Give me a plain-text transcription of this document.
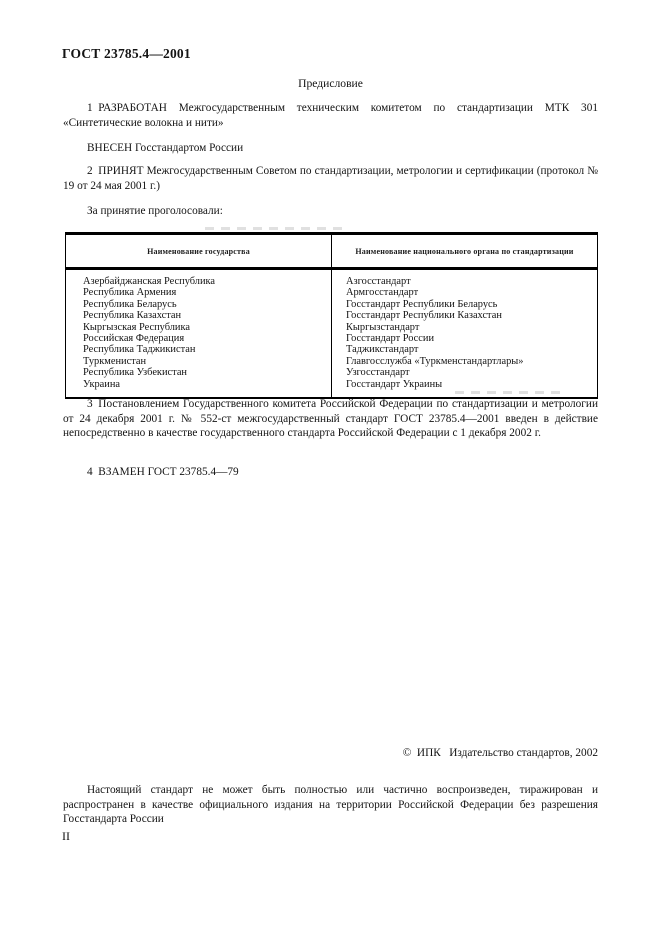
ГОСТ 23785.4—2001
Предисловие
1 РАЗРАБОТАН Межгосударственным техническим комитетом по стандартизации МТК 301 «Синтетические волокна и нити»
ВНЕСЕН Госстандартом России
2 ПРИНЯТ Межгосударственным Советом по стандартизации, метрологии и сертификации (протокол № 19 от 24 мая 2001 г.)
За принятие проголосовали:
Наименование государства	Наименование национального органа по стандартизации
Азербайджанская Республика	Азгосстандарт
Республика Армения	Армгосстандарт
Республика Беларусь	Госстандарт Республики Беларусь
Республика Казахстан	Госстандарт Республики Казахстан
Кыргызская Республика	Кыргызстандарт
Российская Федерация	Госстандарт России
Республика Таджикистан	Таджикстандарт
Туркменистан	Главгосслужба «Туркменстандартлары»
Республика Узбекистан	Узгосстандарт
Украина	Госстандарт Украины
3 Постановлением Государственного комитета Российской Федерации по стандартизации и метрологии от 24 декабря 2001 г. № 552-ст межгосударственный стандарт ГОСТ 23785.4—2001 введен в действие непосредственно в качестве государственного стандарта Российской Федерации с 1 декабря 2002 г.
4 ВЗАМЕН ГОСТ 23785.4—79
© ИПК  Издательство стандартов, 2002
Настоящий стандарт не может быть полностью или частично воспроизведен, тиражирован и распространен в качестве официального издания на территории Российской Федерации без разрешения Госстандарта России
II
